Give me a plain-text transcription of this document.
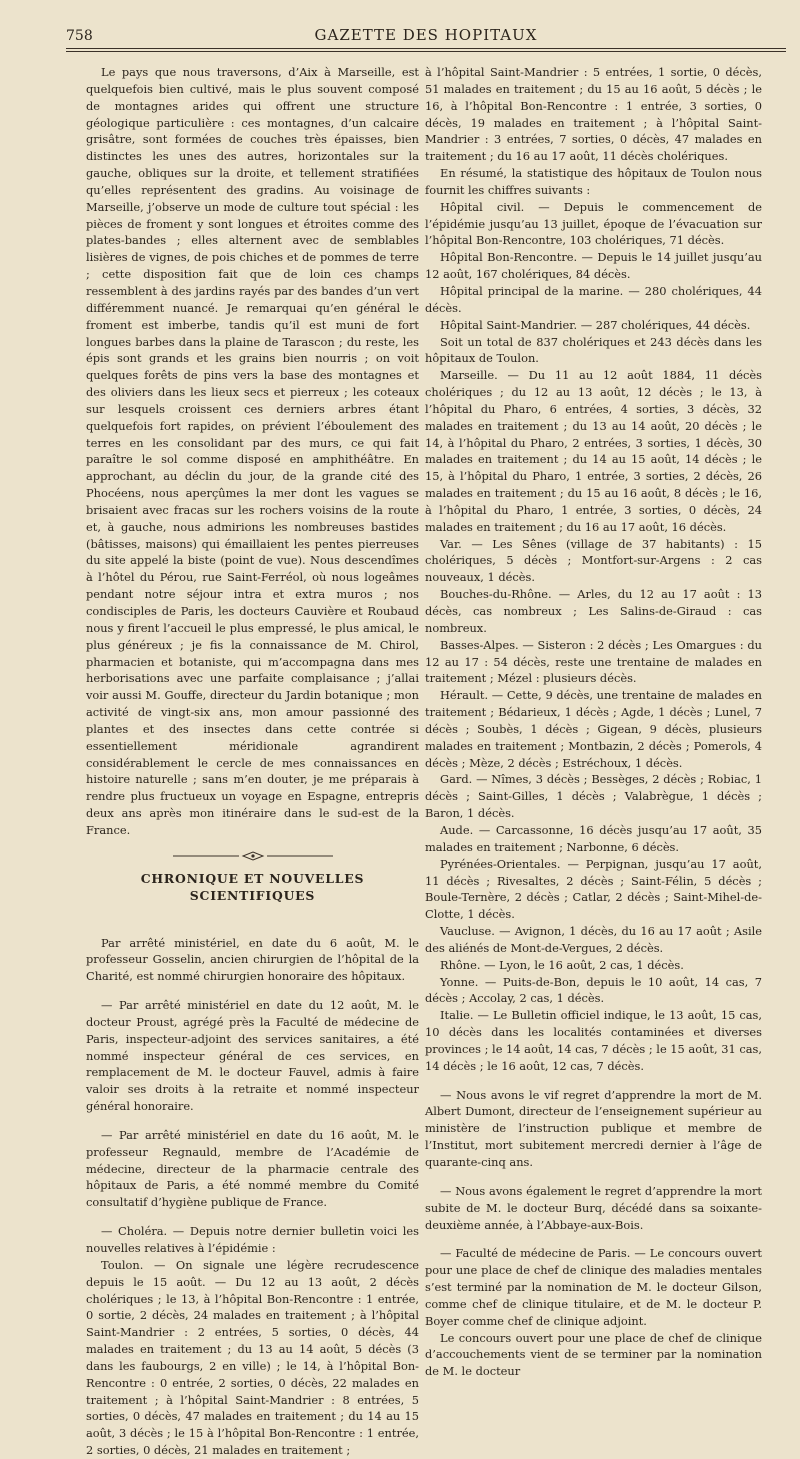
758	GAZETTE DES HOPITAUX

Le pays que nous traversons, d’Aix à Marseille, est quelquefois bien cultivé, mais le plus souvent composé de montagnes arides qui offrent une structure géologique particulière : ces montagnes, d’un calcaire grisâtre, sont formées de couches très épaisses, bien distinctes les unes des autres, horizontales sur la gauche, obliques sur la droite, et tellement stratifiées qu’elles représentent des gradins. Au voisinage de Marseille, j’observe un mode de culture tout spécial : les pièces de froment y sont longues et étroites comme des plates-bandes ; elles alternent avec de semblables lisières de vignes, de pois chiches et de pommes de terre ; cette disposition fait que de loin ces champs ressemblent à des jardins rayés par des bandes d’un vert différemment nuancé. Je remarquai qu’en général le froment est imberbe, tandis qu’il est muni de fort longues barbes dans la plaine de Tarascon ; du reste, les épis sont grands et les grains bien nourris ; on voit quelques forêts de pins vers la base des montagnes et des oliviers dans les lieux secs et pierreux ; les coteaux sur lesquels croissent ces derniers arbres étant quelquefois fort rapides, on prévient l’éboulement des terres en les consolidant par des murs, ce qui fait paraître le sol comme disposé en amphithéâtre. En approchant, au déclin du jour, de la grande cité des Phocéens, nous aperçûmes la mer dont les vagues se brisaient avec fracas sur les rochers voisins de la route et, à gauche, nous admirions les nombreuses bastides (bâtisses, maisons) qui émaillaient les pentes pierreuses du site appelé la biste (point de vue). Nous descendîmes à l’hôtel du Pérou, rue Saint-Ferréol, où nous logeâmes pendant notre séjour intra et extra muros ; nos condisciples de Paris, les docteurs Cauvière et Roubaud nous y firent l’accueil le plus empressé, le plus amical, le plus généreux ; je fis la connaissance de M. Chirol, pharmacien et botaniste, qui m’accompagna dans mes herborisations avec une parfaite complaisance ; j’allai voir aussi M. Gouffe, directeur du Jardin botanique ; mon activité de vingt-six ans, mon amour passionné des plantes et des insectes dans cette contrée si essentiellement méridionale agrandirent considérablement le cercle de mes connaissances en histoire naturelle ; sans m’en douter, je me préparais à rendre plus fructueux un voyage en Espagne, entrepris deux ans après mon itinéraire dans le sud-est de la France.

CHRONIQUE ET NOUVELLES SCIENTIFIQUES

Par arrêté ministériel, en date du 6 août, M. le professeur Gosselin, ancien chirurgien de l’hôpital de la Charité, est nommé chirurgien honoraire des hôpitaux.

— Par arrêté ministériel en date du 12 août, M. le docteur Proust, agrégé près la Faculté de médecine de Paris, inspecteur-adjoint des services sanitaires, a été nommé inspecteur général de ces services, en remplacement de M. le docteur Fauvel, admis à faire valoir ses droits à la retraite et nommé inspecteur général honoraire.

— Par arrêté ministériel en date du 16 août, M. le professeur Regnauld, membre de l’Académie de médecine, directeur de la pharmacie centrale des hôpitaux de Paris, a été nommé membre du Comité consultatif d’hygiène publique de France.

— Choléra. — Depuis notre dernier bulletin voici les nouvelles relatives à l’épidémie :

Toulon. — On signale une légère recrudescence depuis le 15 août. — Du 12 au 13 août, 2 décès cholériques ; le 13, à l’hôpital Bon-Rencontre : 1 entrée, 0 sortie, 2 décès, 24 malades en traitement ; à l’hôpital Saint-Mandrier : 2 entrées, 5 sorties, 0 décès, 44 malades en traitement ; du 13 au 14 août, 5 décès (3 dans les faubourgs, 2 en ville) ; le 14, à l’hôpital Bon-Rencontre : 0 entrée, 2 sorties, 0 décès, 22 malades en traitement ; à l’hôpital Saint-Mandrier : 8 entrées, 5 sorties, 0 décès, 47 malades en traitement ; du 14 au 15 août, 3 décès ; le 15 à l’hôpital Bon-Rencontre : 1 entrée, 2 sorties, 0 décès, 21 malades en traitement ;

à l’hôpital Saint-Mandrier : 5 entrées, 1 sortie, 0 décès, 51 malades en traitement ; du 15 au 16 août, 5 décès ; le 16, à l’hôpital Bon-Rencontre : 1 entrée, 3 sorties, 0 décès, 19 malades en traitement ; à l’hôpital Saint-Mandrier : 3 entrées, 7 sorties, 0 décès, 47 malades en traitement ; du 16 au 17 août, 11 décès cholériques.

En résumé, la statistique des hôpitaux de Toulon nous fournit les chiffres suivants :

Hôpital civil. — Depuis le commencement de l’épidémie jusqu’au 13 juillet, époque de l’évacuation sur l’hôpital Bon-Rencontre, 103 cholériques, 71 décès.

Hôpital Bon-Rencontre. — Depuis le 14 juillet jusqu’au 12 août, 167 cholériques, 84 décès.

Hôpital principal de la marine. — 280 cholériques, 44 décès.

Hôpital Saint-Mandrier. — 287 cholériques, 44 décès.

Soit un total de 837 cholériques et 243 décès dans les hôpitaux de Toulon.

Marseille. — Du 11 au 12 août 1884, 11 décès cholériques ; du 12 au 13 août, 12 décès ; le 13, à l’hôpital du Pharo, 6 entrées, 4 sorties, 3 décès, 32 malades en traitement ; du 13 au 14 août, 20 décès ; le 14, à l’hôpital du Pharo, 2 entrées, 3 sorties, 1 décès, 30 malades en traitement ; du 14 au 15 août, 14 décès ; le 15, à l’hôpital du Pharo, 1 entrée, 3 sorties, 2 décès, 26 malades en traitement ; du 15 au 16 août, 8 décès ; le 16, à l’hôpital du Pharo, 1 entrée, 3 sorties, 0 décès, 24 malades en traitement ; du 16 au 17 août, 16 décès.

Var. — Les Sênes (village de 37 habitants) : 15 cholériques, 5 décès ; Montfort-sur-Argens : 2 cas nouveaux, 1 décès.

Bouches-du-Rhône. — Arles, du 12 au 17 août : 13 décès, cas nombreux ; Les Salins-de-Giraud : cas nombreux.

Basses-Alpes. — Sisteron : 2 décès ; Les Omargues : du 12 au 17 : 54 décès, reste une trentaine de malades en traitement ; Mézel : plusieurs décès.

Hérault. — Cette, 9 décès, une trentaine de malades en traitement ; Bédarieux, 1 décès ; Agde, 1 décès ; Lunel, 7 décès ; Soubès, 1 décès ; Gigean, 9 décès, plusieurs malades en traitement ; Montbazin, 2 décès ; Pomerols, 4 décès ; Mèze, 2 décès ; Estréchoux, 1 décès.

Gard. — Nîmes, 3 décès ; Bessèges, 2 décès ; Robiac, 1 décès ; Saint-Gilles, 1 décès ; Valabrègue, 1 décès ; Baron, 1 décès.

Aude. — Carcassonne, 16 décès jusqu’au 17 août, 35 malades en traitement ; Narbonne, 6 décès.

Pyrénées-Orientales. — Perpignan, jusqu’au 17 août, 11 décès ; Rivesaltes, 2 décès ; Saint-Félin, 5 décès ; Boule-Ternère, 2 décès ; Catlar, 2 décès ; Saint-Mihel-de-Clotte, 1 décès.

Vaucluse. — Avignon, 1 décès, du 16 au 17 août ; Asile des aliénés de Mont-de-Vergues, 2 décès.

Rhône. — Lyon, le 16 août, 2 cas, 1 décès.

Yonne. — Puits-de-Bon, depuis le 10 août, 14 cas, 7 décès ; Accolay, 2 cas, 1 décès.

Italie. — Le Bulletin officiel indique, le 13 août, 15 cas, 10 décès dans les localités contaminées et diverses provinces ; le 14 août, 14 cas, 7 décès ; le 15 août, 31 cas, 14 décès ; le 16 août, 12 cas, 7 décès.

— Nous avons le vif regret d’apprendre la mort de M. Albert Dumont, directeur de l’enseignement supérieur au ministère de l’instruction publique et membre de l’Institut, mort subitement mercredi dernier à l’âge de quarante-cinq ans.

— Nous avons également le regret d’apprendre la mort subite de M. le docteur Burq, décédé dans sa soixante-deuxième année, à l’Abbaye-aux-Bois.

— Faculté de médecine de Paris. — Le concours ouvert pour une place de chef de clinique des maladies mentales s’est terminé par la nomination de M. le docteur Gilson, comme chef de clinique titulaire, et de M. le docteur P. Boyer comme chef de clinique adjoint.

Le concours ouvert pour une place de chef de clinique d’accouchements vient de se terminer par la nomination de M. le docteur
